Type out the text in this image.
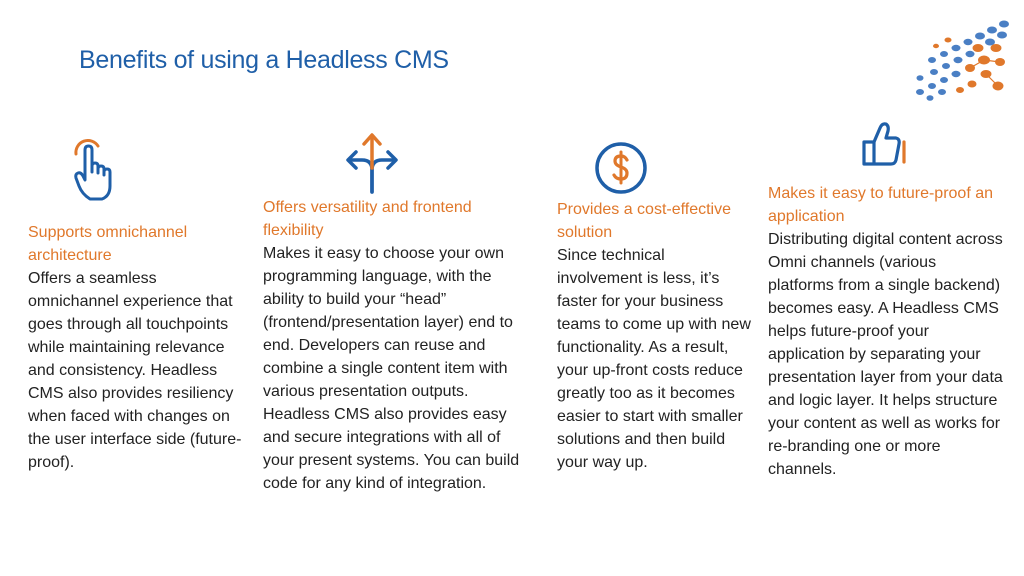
Benefits of using a Headless CMS
Supports omnichannel architecture
Offers a seamless omnichannel experience that goes through all touchpoints while maintaining relevance and consistency. Headless CMS also provides resiliency when faced with changes on the user interface side (future-proof).
Offers versatility and frontend flexibility
Makes it easy to choose your own programming language, with the ability to build your “head” (frontend/presentation layer) end to end. Developers can reuse and combine a single content item with various presentation outputs. Headless CMS also provides easy and secure integrations with all of your present systems. You can build code for any kind of integration.
Provides a cost-effective solution
Since technical involvement is less, it’s faster for your business teams to come up with new functionality. As a result, your up-front costs reduce greatly too as it becomes easier to start with smaller solutions and then build your way up.
Makes it easy to future-proof an application
Distributing digital content across Omni channels (various platforms from a single backend) becomes easy. A Headless CMS helps future-proof your application by separating your presentation layer from your data and logic layer. It helps structure your content as well as works for re-branding one or more channels.
